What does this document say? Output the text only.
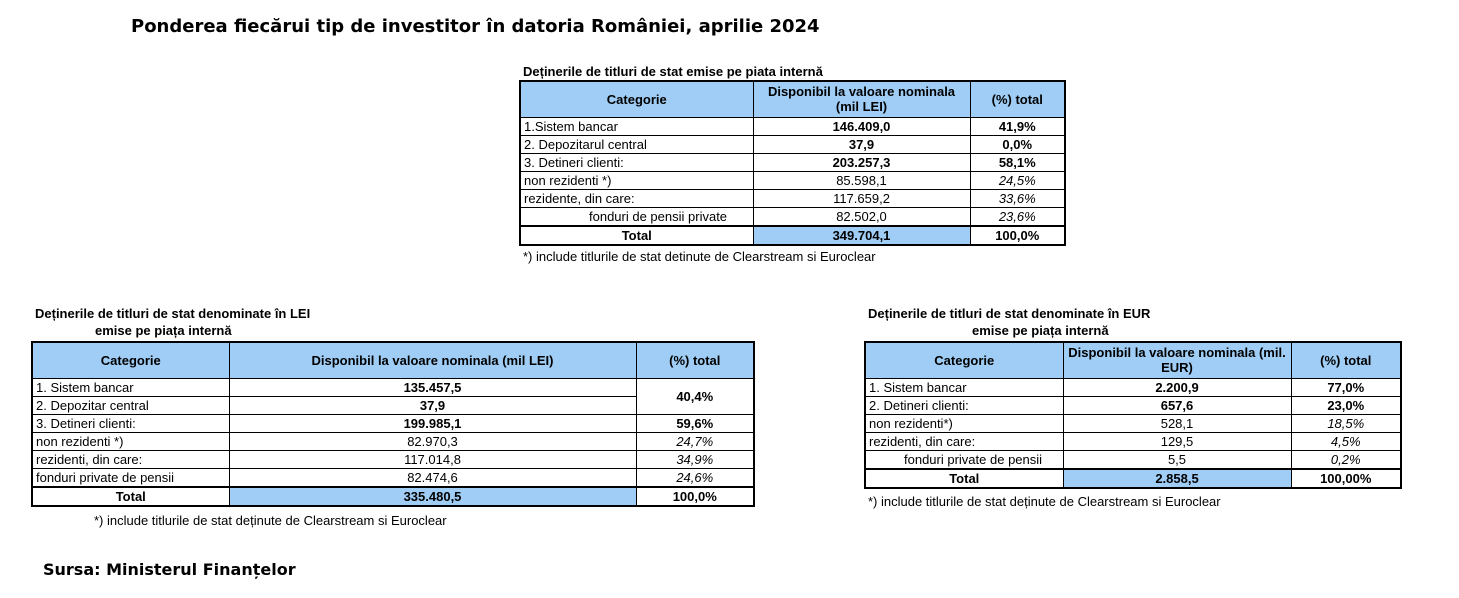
Ponderea fiecărui tip de investitor în datoria României, aprilie 2024
Deținerile de titluri de stat emise pe piata internă
Categorie	Disponibil la valoare nominala (mil LEI)	(%) total
1.Sistem bancar	146.409,0	41,9%
2. Depozitarul central	37,9	0,0%
3. Detineri clienti:	203.257,3	58,1%
non rezidenti *)	85.598,1	24,5%
rezidente, din care:	117.659,2	33,6%
fonduri de pensii private	82.502,0	23,6%
Total	349.704,1	100,0%
*) include titlurile de stat detinute de Clearstream si Euroclear
Deținerile de titluri de stat denominate în LEI
emise pe piața internă
Categorie	Disponibil la valoare nominala (mil LEI)	(%) total
1. Sistem bancar	135.457,5	40,4%
2. Depozitar central	37,9	
3. Detineri clienti:	199.985,1	59,6%
non rezidenti *)	82.970,3	24,7%
rezidenti, din care:	117.014,8	34,9%
fonduri private de pensii	82.474,6	24,6%
Total	335.480,5	100,0%
*) include titlurile de stat deținute de Clearstream si Euroclear
Deținerile de titluri de stat denominate în EUR
emise pe piața internă
Categorie	Disponibil la valoare nominala (mil. EUR)	(%) total
1. Sistem bancar	2.200,9	77,0%
2. Detineri clienti:	657,6	23,0%
non rezidenti*)	528,1	18,5%
rezidenti, din care:	129,5	4,5%
fonduri private de pensii	5,5	0,2%
Total	2.858,5	100,00%
*) include titlurile de stat deținute de Clearstream si Euroclear
Sursa: Ministerul Finanțelor
